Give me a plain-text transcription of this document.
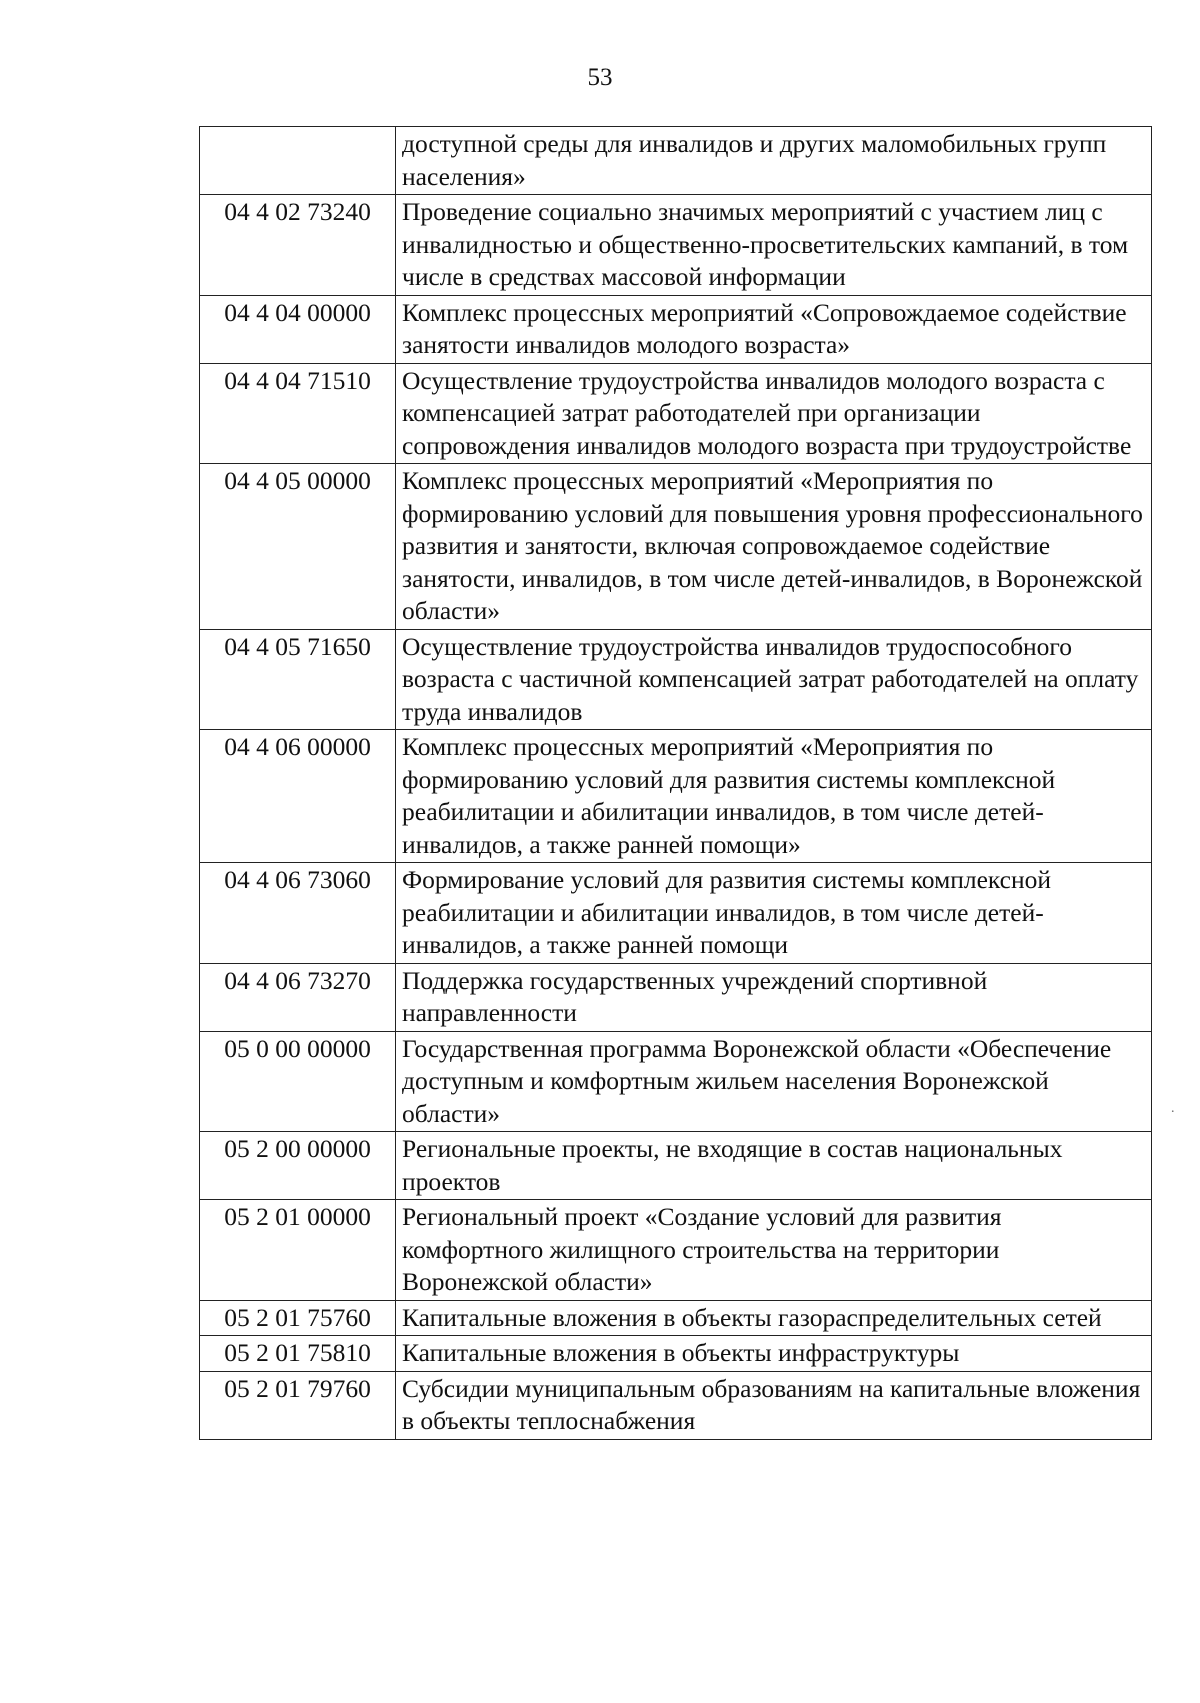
53
	доступной среды для инвалидов и других маломобильных групп населения»
04 4 02 73240	Проведение социально значимых мероприятий с участием лиц с инвалидностью и общественно-просветительских кампаний, в том числе в средствах массовой информации
04 4 04 00000	Комплекс процессных мероприятий «Сопровождаемое содействие занятости инвалидов молодого возраста»
04 4 04 71510	Осуществление трудоустройства инвалидов молодого возраста с компенсацией затрат работодателей при организации сопровождения инвалидов молодого возраста при трудоустройстве
04 4 05 00000	Комплекс процессных мероприятий «Мероприятия по формированию условий для повышения уровня профессионального развития и занятости, включая сопровождаемое содействие занятости, инвалидов, в том числе детей-инвалидов, в Воронежской области»
04 4 05 71650	Осуществление трудоустройства инвалидов трудоспособного возраста с частичной компенсацией затрат работодателей на оплату труда инвалидов
04 4 06 00000	Комплекс процессных мероприятий «Мероприятия по формированию условий для развития системы комплексной реабилитации и абилитации инвалидов, в том числе детей-инвалидов, а также ранней помощи»
04 4 06 73060	Формирование условий для развития системы комплексной реабилитации и абилитации инвалидов, в том числе детей-инвалидов, а также ранней помощи
04 4 06 73270	Поддержка государственных учреждений спортивной направленности
05 0 00 00000	Государственная программа Воронежской области «Обеспечение доступным и комфортным жильем населения Воронежской области»
05 2 00 00000	Региональные проекты, не входящие в состав национальных проектов
05 2 01 00000	Региональный проект «Создание условий для развития комфортного жилищного строительства на территории Воронежской области»
05 2 01 75760	Капитальные вложения в объекты газораспределительных сетей
05 2 01 75810	Капитальные вложения в объекты инфраструктуры
05 2 01 79760	Субсидии муниципальным образованиям на капитальные вложения в объекты теплоснабжения
.
